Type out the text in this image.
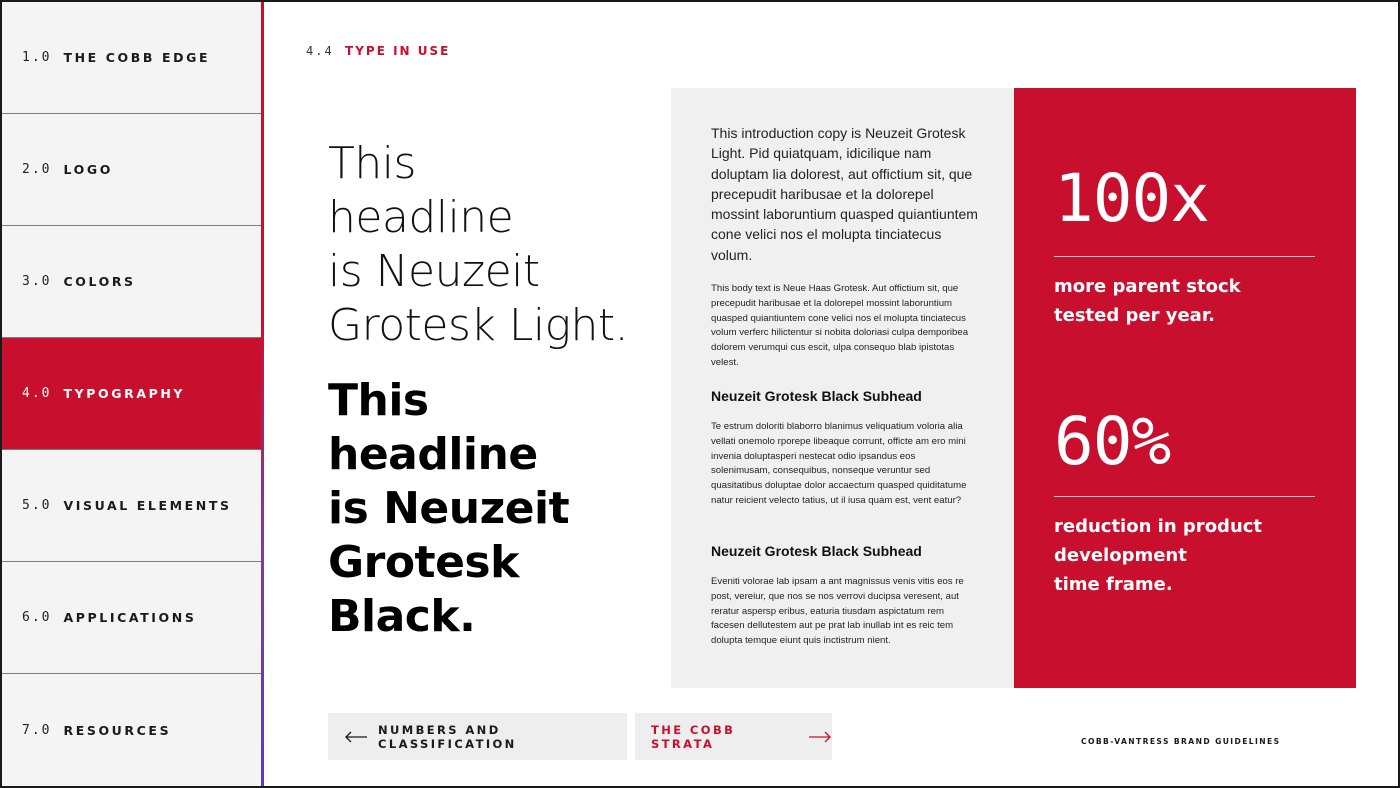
1.0 THE COBB EDGE
2.0 LOGO
3.0 COLORS
4.0 TYPOGRAPHY
5.0 VISUAL ELEMENTS
6.0 APPLICATIONS
7.0 RESOURCES
4.4 TYPE IN USE
This
headline
is Neuzeit
Grotesk Light.
This
headline
is Neuzeit
Grotesk
Black.

This introduction copy is Neuzeit Grotesk Light. Pid quiatquam, idicilique nam doluptam lia dolorest, aut offictium sit, que precepudit haribusae et la dolorepel mossint laboruntium quasped quiantiuntem cone velici nos el molupta tinciatecus volum.

This body text is Neue Haas Grotesk. Aut offictium sit, que precepudit haribusae et la dolorepel mossint laboruntium quasped quiantiuntem cone velici nos el molupta tinciatecus volum verferc hilictentur si nobita doloriasi culpa demporibea dolorem verumqui cus escit, ulpa consequo blab ipistotas velest.

Neuzeit Grotesk Black Subhead

Te estrum doloriti blaborro blanimus veliquatium voloria alia vellati onemolo rporepe libeaque corrunt, officte am ero mini invenia doluptasperi nestecat odio ipsandus eos solenimusam, consequibus, nonseque veruntur sed quasitatibus doluptae dolor accaectum quasped quiditatume natur reicient velecto tatius, ut il iusa quam est, vent eatur?

Neuzeit Grotesk Black Subhead

Eveniti volorae lab ipsam a ant magnissus venis vitis eos re post, vereiur, que nos se nos verrovi ducipsa veresent, aut reratur aspersp eribus, eaturia tiusdam aspictatum rem facesen dellutestem aut pe prat lab inullab int es reic tem dolupta temque eiunt quis inctistrum nient.

100x
more parent stock
tested per year.
60%
reduction in product
development
time frame.
NUMBERS AND CLASSIFICATION
THE COBB STRATA	COBB-VANTRESS BRAND GUIDELINES
